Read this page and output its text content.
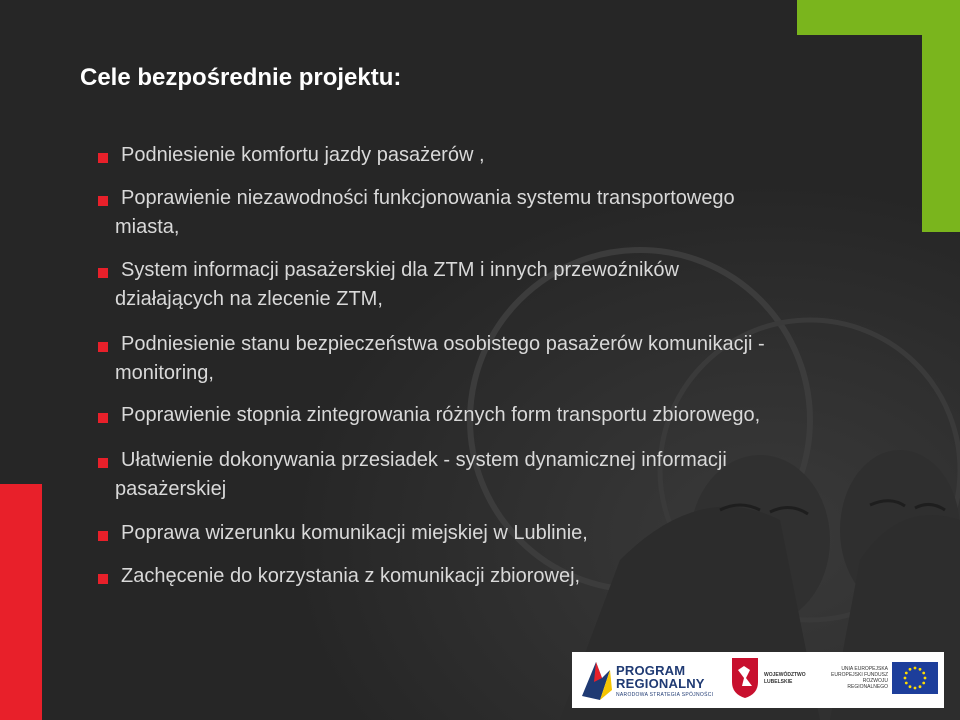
Cele bezpośrednie projektu:
Podniesienie komfortu jazdy pasażerów ,
Poprawienie niezawodności funkcjonowania systemu transportowego
miasta,
System informacji pasażerskiej dla ZTM i innych przewoźników
działających na zlecenie ZTM,
Podniesienie stanu bezpieczeństwa osobistego pasażerów komunikacji -
monitoring,
Poprawienie stopnia zintegrowania różnych form transportu zbiorowego,
Ułatwienie dokonywania przesiadek - system dynamicznej informacji
pasażerskiej
Poprawa wizerunku komunikacji miejskiej w Lublinie,
Zachęcenie do korzystania z komunikacji zbiorowej,
PROGRAM
REGIONALNY
NARODOWA STRATEGIA SPÓJNOŚCI
WOJEWÓDZTWO LUBELSKIE
UNIA EUROPEJSKA EUROPEJSKI FUNDUSZ ROZWOJU REGIONALNEGO
